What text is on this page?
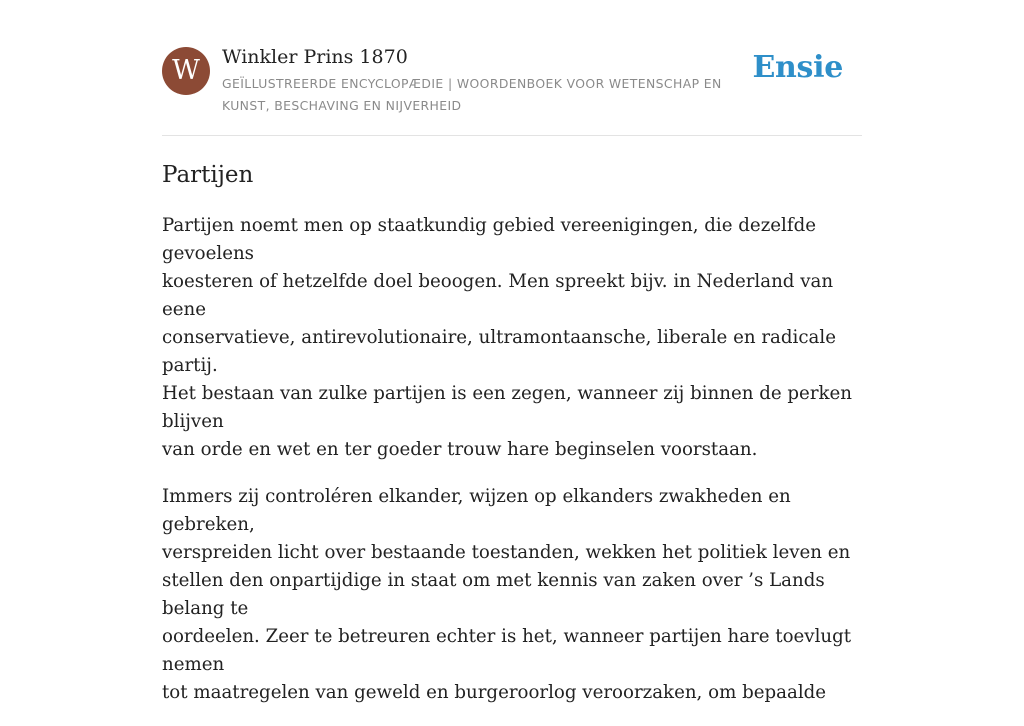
W	Winkler Prins 1870
GEÏLLUSTREERDE ENCYCLOPÆDIE | WOORDENBOEK VOOR WETENSCHAP EN KUNST, BESCHAVING EN NIJVERHEID
Ensie
Partijen

Partijen noemt men op staatkundig gebied vereenigingen, die dezelfde gevoelens
koesteren of hetzelfde doel beoogen. Men spreekt bijv. in Nederland van eene
conservatieve, antirevolutionaire, ultramontaansche, liberale en radicale partij.
Het bestaan van zulke partijen is een zegen, wanneer zij binnen de perken blijven
van orde en wet en ter goeder trouw hare beginselen voorstaan.

Immers zij controléren elkander, wijzen op elkanders zwakheden en gebreken,
verspreiden licht over bestaande toestanden, wekken het politiek leven en
stellen den onpartijdige in staat om met kennis van zaken over ’s Lands belang te
oordeelen. Zeer te betreuren echter is het, wanneer partijen hare toevlugt nemen
tot maatregelen van geweld en burgeroorlog veroorzaken, om bepaalde
